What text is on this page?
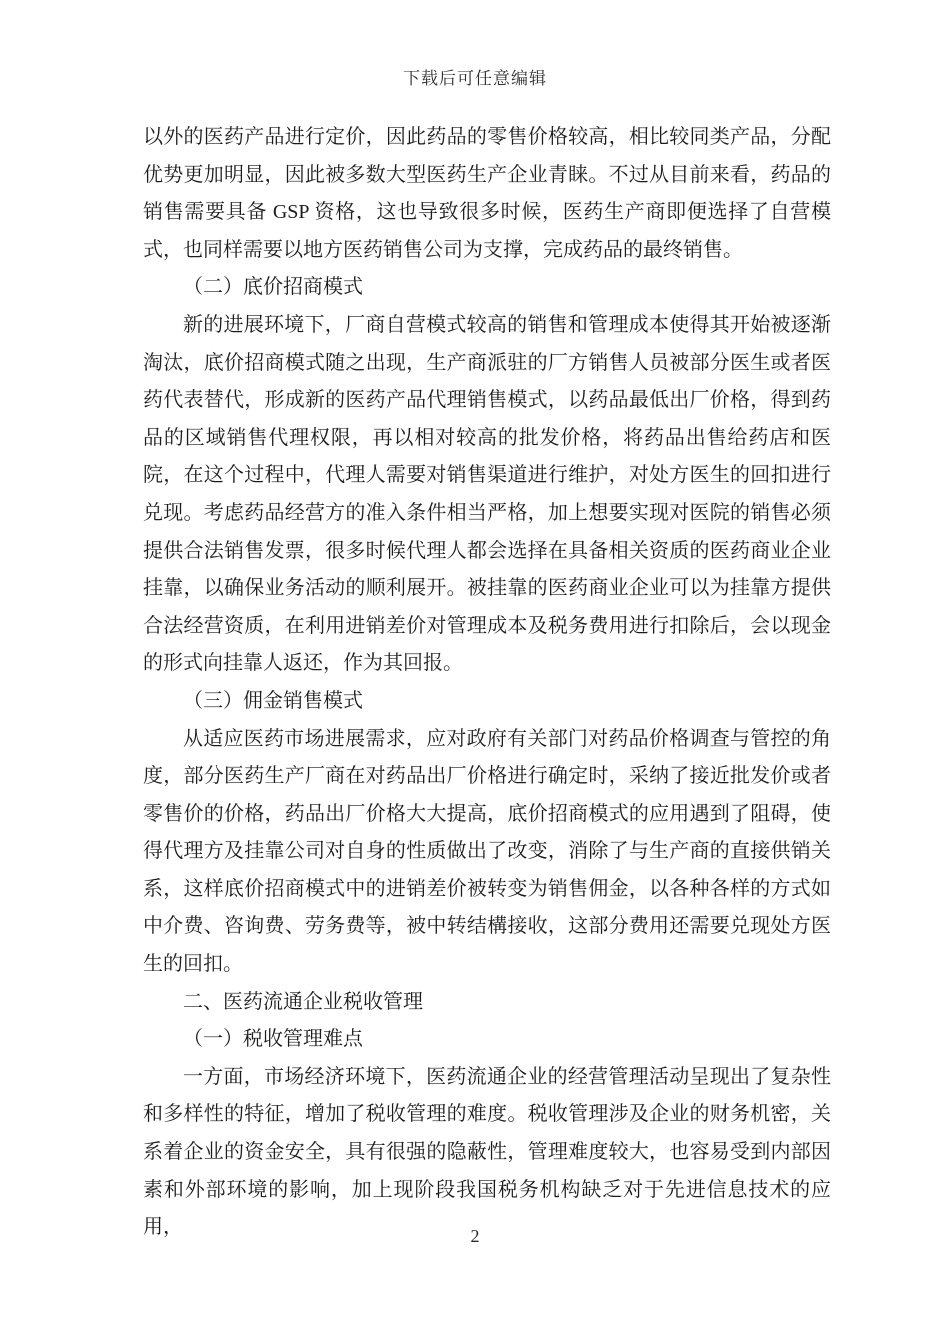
下载后可任意编辑

以外的医药产品进行定价，因此药品的零售价格较高，相比较同类产品，分配优势更加明显，因此被多数大型医药生产企业青睐。不过从目前来看，药品的销售需要具备 GSP 资格，这也导致很多时候，医药生产商即便选择了自营模式，也同样需要以地方医药销售公司为支撑，完成药品的最终销售。

（二）底价招商模式

新的进展环境下，厂商自营模式较高的销售和管理成本使得其开始被逐渐淘汰，底价招商模式随之出现，生产商派驻的厂方销售人员被部分医生或者医药代表替代，形成新的医药产品代理销售模式，以药品最低出厂价格，得到药品的区域销售代理权限，再以相对较高的批发价格，将药品出售给药店和医院，在这个过程中，代理人需要对销售渠道进行维护，对处方医生的回扣进行兑现。考虑药品经营方的准入条件相当严格，加上想要实现对医院的销售必须提供合法销售发票，很多时候代理人都会选择在具备相关资质的医药商业企业挂靠，以确保业务活动的顺利展开。被挂靠的医药商业企业可以为挂靠方提供合法经营资质，在利用进销差价对管理成本及税务费用进行扣除后，会以现金的形式向挂靠人返还，作为其回报。

（三）佣金销售模式

从适应医药市场进展需求，应对政府有关部门对药品价格调查与管控的角度，部分医药生产厂商在对药品出厂价格进行确定时，采纳了接近批发价或者零售价的价格，药品出厂价格大大提高，底价招商模式的应用遇到了阻碍，使得代理方及挂靠公司对自身的性质做出了改变，消除了与生产商的直接供销关系，这样底价招商模式中的进销差价被转变为销售佣金，以各种各样的方式如中介费、咨询费、劳务费等，被中转结構接收，这部分费用还需要兑现处方医生的回扣。

二、医药流通企业税收管理

（一）税收管理难点

一方面，市场经济环境下，医药流通企业的经营管理活动呈现出了复杂性和多样性的特征，增加了税收管理的难度。税收管理涉及企业的财务机密，关系着企业的资金安全，具有很强的隐蔽性，管理难度较大，也容易受到内部因素和外部环境的影响，加上现阶段我国税务机构缺乏对于先进信息技术的应用，	2
